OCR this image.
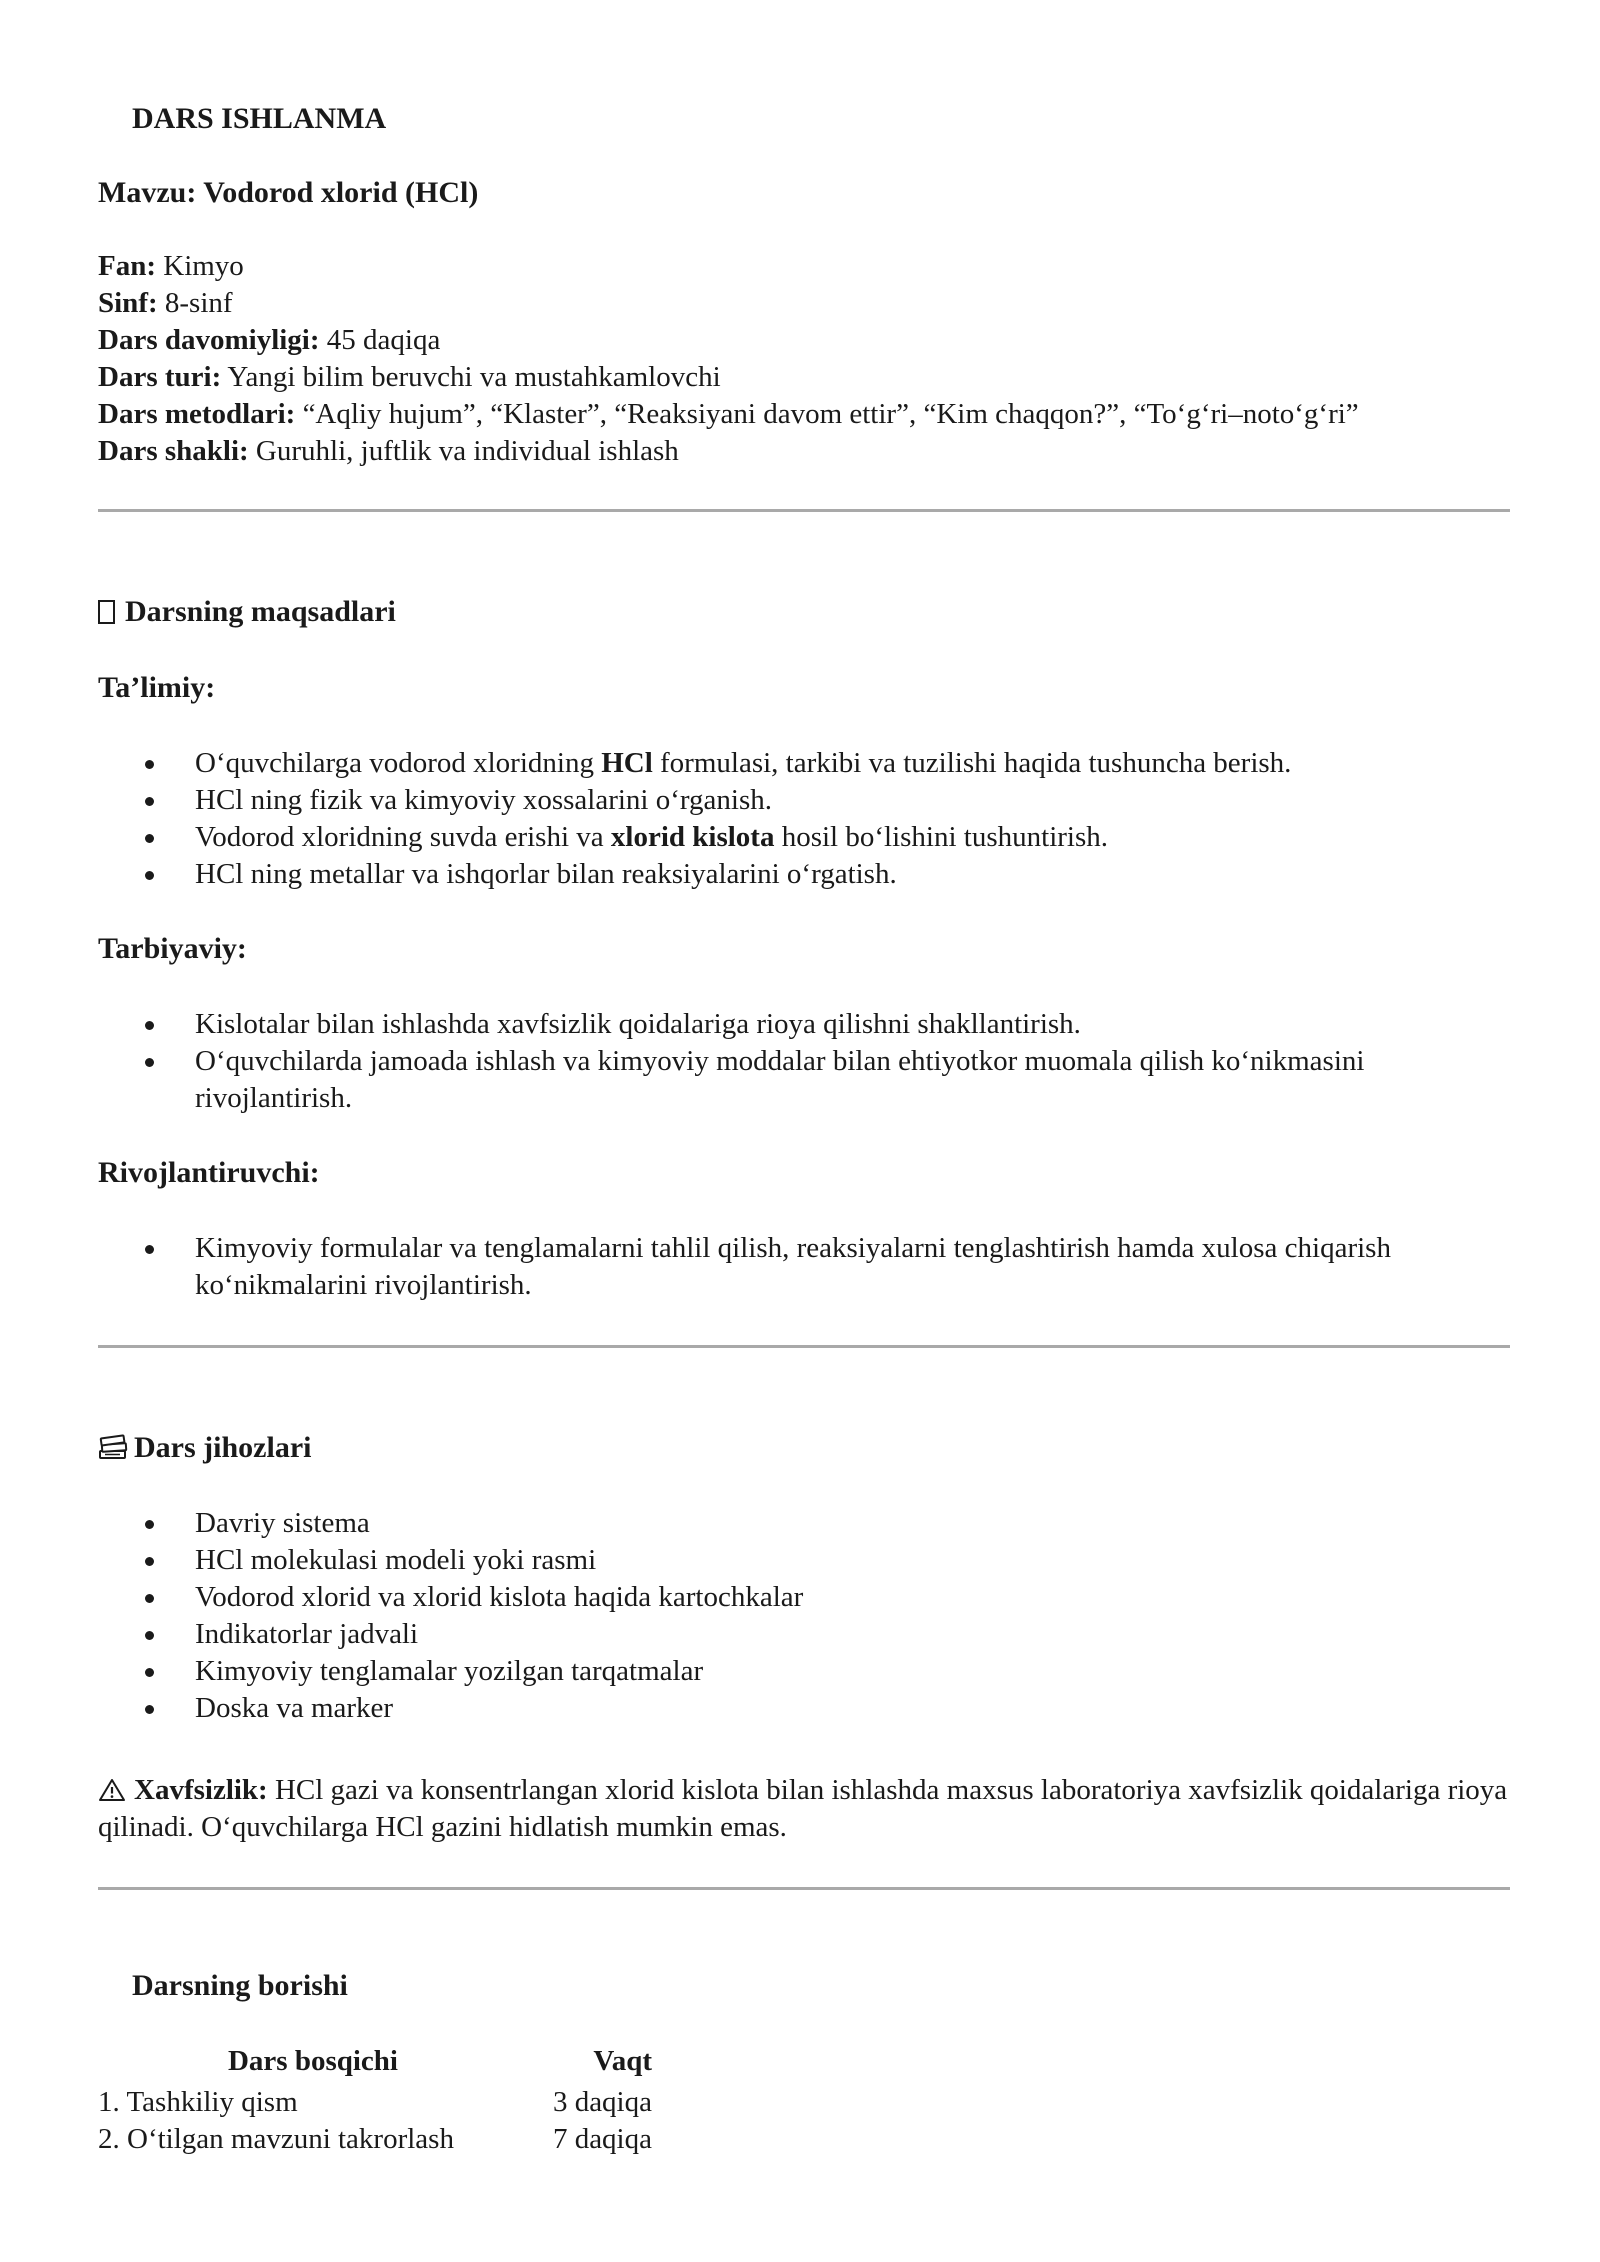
DARS ISHLANMA
Mavzu: Vodorod xlorid (HCl)
Fan: Kimyo
Sinf: 8-sinf
Dars davomiyligi: 45 daqiqa
Dars turi: Yangi bilim beruvchi va mustahkamlovchi
Dars metodlari: “Aqliy hujum”, “Klaster”, “Reaksiyani davom ettir”, “Kim chaqqon?”, “To‘g‘ri–noto‘g‘ri”
Dars shakli: Guruhli, juftlik va individual ishlash
Darsning maqsadlari
Ta’limiy:
O‘quvchilarga vodorod xloridning HCl formulasi, tarkibi va tuzilishi haqida tushuncha berish.
HCl ning fizik va kimyoviy xossalarini o‘rganish.
Vodorod xloridning suvda erishi va xlorid kislota hosil bo‘lishini tushuntirish.
HCl ning metallar va ishqorlar bilan reaksiyalarini o‘rgatish.
Tarbiyaviy:
Kislotalar bilan ishlashda xavfsizlik qoidalariga rioya qilishni shakllantirish.
O‘quvchilarda jamoada ishlash va kimyoviy moddalar bilan ehtiyotkor muomala qilish ko‘nikmasini rivojlantirish.
Rivojlantiruvchi:
Kimyoviy formulalar va tenglamalarni tahlil qilish, reaksiyalarni tenglashtirish hamda xulosa chiqarish ko‘nikmalarini rivojlantirish.
Dars jihozlari
Davriy sistema
HCl molekulasi modeli yoki rasmi
Vodorod xlorid va xlorid kislota haqida kartochkalar
Indikatorlar jadvali
Kimyoviy tenglamalar yozilgan tarqatmalar
Doska va marker
Xavfsizlik: HCl gazi va konsentrlangan xlorid kislota bilan ishlashda maxsus laboratoriya xavfsizlik qoidalariga rioya qilinadi. O‘quvchilarga HCl gazini hidlatish mumkin emas.
Darsning borishi
Dars bosqichi	Vaqt
1. Tashkiliy qism	3 daqiqa
2. O‘tilgan mavzuni takrorlash	7 daqiqa
